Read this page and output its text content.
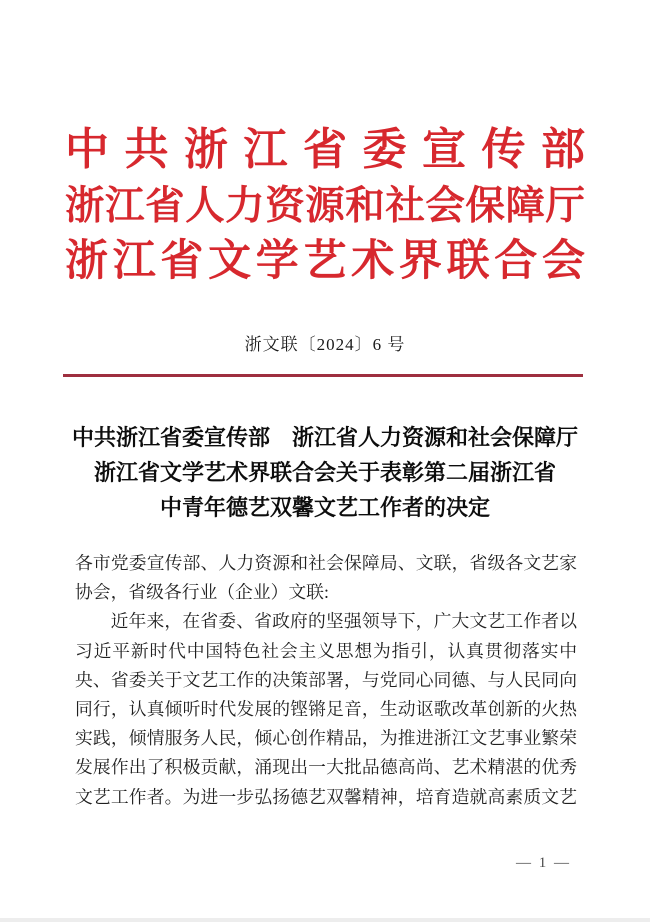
中共浙江省委宣传部
浙江省人力资源和社会保障厅
浙江省文学艺术界联合会
浙文联〔2024〕6 号
中共浙江省委宣传部　浙江省人力资源和社会保障厅
浙江省文学艺术界联合会关于表彰第二届浙江省
中青年德艺双馨文艺工作者的决定
各市党委宣传部、人力资源和社会保障局、文联，省级各文艺家
协会，省级各行业（企业）文联:
近年来，在省委、省政府的坚强领导下，广大文艺工作者以
习近平新时代中国特色社会主义思想为指引，认真贯彻落实中
央、省委关于文艺工作的决策部署，与党同心同德、与人民同向
同行，认真倾听时代发展的铿锵足音，生动讴歌改革创新的火热
实践，倾情服务人民，倾心创作精品，为推进浙江文艺事业繁荣
发展作出了积极贡献，涌现出一大批品德高尚、艺术精湛的优秀
文艺工作者。为进一步弘扬德艺双馨精神，培育造就高素质文艺
— 1 —
